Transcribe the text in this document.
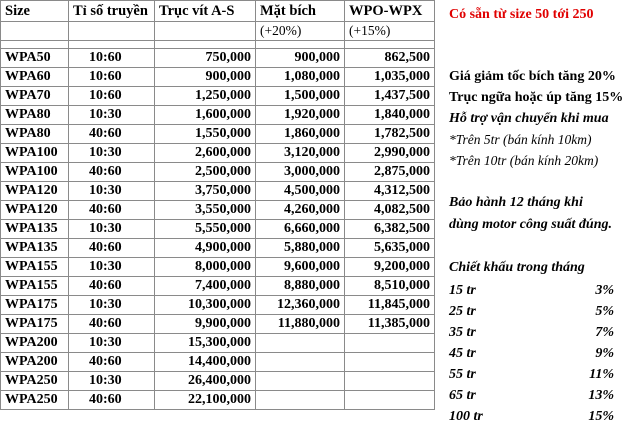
Size	Tỉ số truyền	Trục vít A-S	Mặt bích	WPO-WPX
			(+20%)	(+15%)

WPA50	10:60	750,000	900,000	862,500
WPA60	10:60	900,000	1,080,000	1,035,000
WPA70	10:60	1,250,000	1,500,000	1,437,500
WPA80	10:30	1,600,000	1,920,000	1,840,000
WPA80	40:60	1,550,000	1,860,000	1,782,500
WPA100	10:30	2,600,000	3,120,000	2,990,000
WPA100	40:60	2,500,000	3,000,000	2,875,000
WPA120	10:30	3,750,000	4,500,000	4,312,500
WPA120	40:60	3,550,000	4,260,000	4,082,500
WPA135	10:30	5,550,000	6,660,000	6,382,500
WPA135	40:60	4,900,000	5,880,000	5,635,000
WPA155	10:30	8,000,000	9,600,000	9,200,000
WPA155	40:60	7,400,000	8,880,000	8,510,000
WPA175	10:30	10,300,000	12,360,000	11,845,000
WPA175	40:60	9,900,000	11,880,000	11,385,000
WPA200	10:30	15,300,000		
WPA200	40:60	14,400,000		
WPA250	10:30	26,400,000		
WPA250	40:60	22,100,000		
Có sẵn từ size 50 tới 250
Giá giảm tốc bích tăng 20%
Trục ngữa hoặc úp tăng 15%
Hỗ trợ vận chuyển khi mua
*Trên 5tr (bán kính 10km)
*Trên 10tr (bán kính 20km)
Bảo hành 12 tháng khi
dùng motor công suất đúng.
Chiết khấu trong tháng
15 tr	3%
25 tr	5%
35 tr	7%
45 tr	9%
55 tr	11%
65 tr	13%
100 tr	15%
